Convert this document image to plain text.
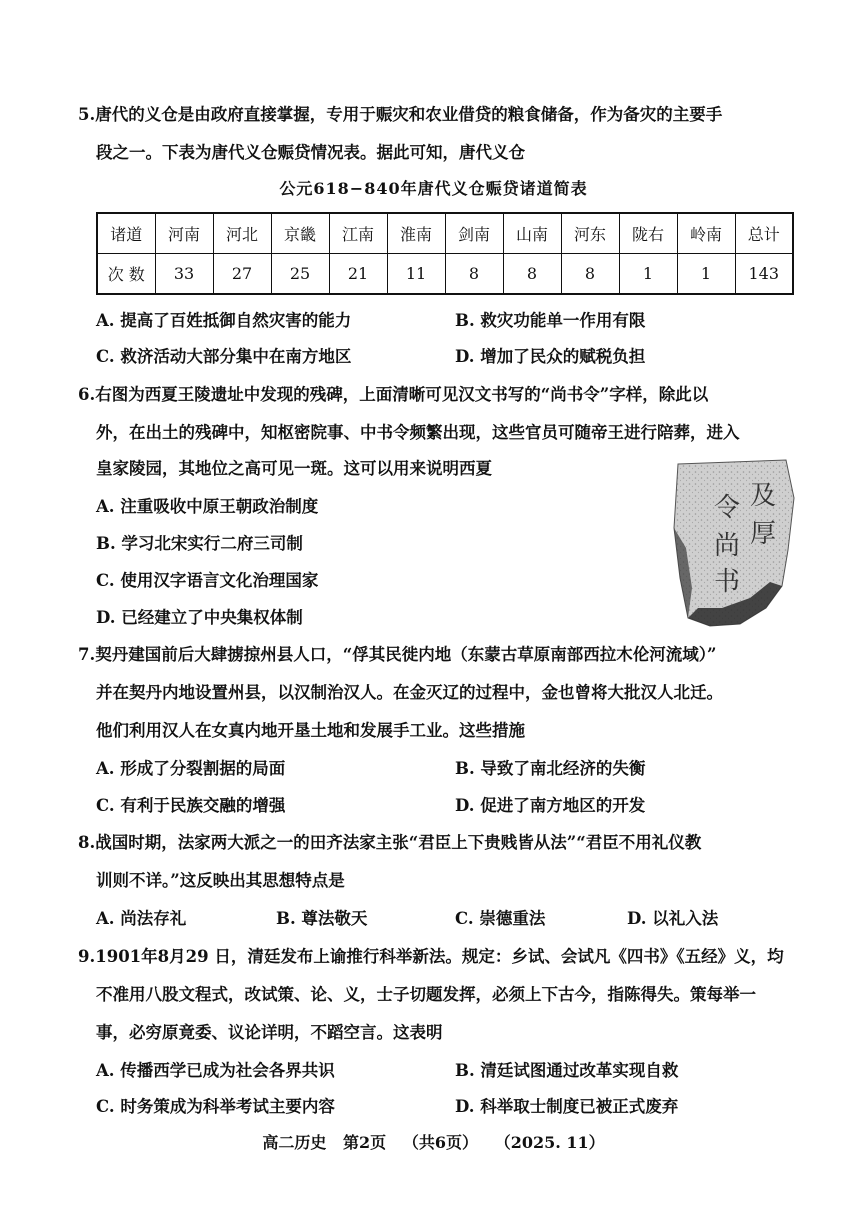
5.唐代的义仓是由政府直接掌握，专用于赈灾和农业借贷的粮食储备，作为备灾的主要手
段之一。下表为唐代义仓赈贷情况表。据此可知，唐代义仓
公元618−840年唐代义仓赈贷诸道简表
诸道	河南	河北	京畿	江南	淮南	剑南	山南	河东	陇右	岭南	总计
次 数	33	27	25	21	11	8	8	8	1	1	143
A. 提高了百姓抵御自然灾害的能力	B. 救灾功能单一作用有限
C. 救济活动大部分集中在南方地区	D. 增加了民众的赋税负担
6.右图为西夏王陵遗址中发现的残碑，上面清晰可见汉文书写的“尚书令”字样，除此以
外，在出土的残碑中，知枢密院事、中书令频繁出现，这些官员可随帝王进行陪葬，进入
皇家陵园，其地位之高可见一斑。这可以用来说明西夏
A. 注重吸收中原王朝政治制度
B. 学习北宋实行二府三司制
C. 使用汉字语言文化治理国家
D. 已经建立了中央集权体制
令
尚
书
及
厚
7.契丹建国前后大肆掳掠州县人口，“俘其民徙内地（东蒙古草原南部西拉木伦河流域）”
并在契丹内地设置州县，以汉制治汉人。在金灭辽的过程中，金也曾将大批汉人北迁。
他们利用汉人在女真内地开垦土地和发展手工业。这些措施
A. 形成了分裂割据的局面	B. 导致了南北经济的失衡
C. 有利于民族交融的增强	D. 促进了南方地区的开发
8.战国时期，法家两大派之一的田齐法家主张“君臣上下贵贱皆从法”“君臣不用礼仪教
训则不详。”这反映出其思想特点是
A. 尚法存礼	B. 尊法敬天	C. 崇德重法	D. 以礼入法
9.1901年8月29 日，清廷发布上谕推行科举新法。规定：乡试、会试凡《四书》《五经》义，均
不准用八股文程式，改试策、论、义，士子切题发挥，必须上下古今，指陈得失。策每举一
事，必穷原竟委、议论详明，不蹈空言。这表明
A. 传播西学已成为社会各界共识	B. 清廷试图通过改革实现自救
C. 时务策成为科举考试主要内容	D. 科举取士制度已被正式废弃
高二历史   第2页   （共6页）   （2025. 11）
